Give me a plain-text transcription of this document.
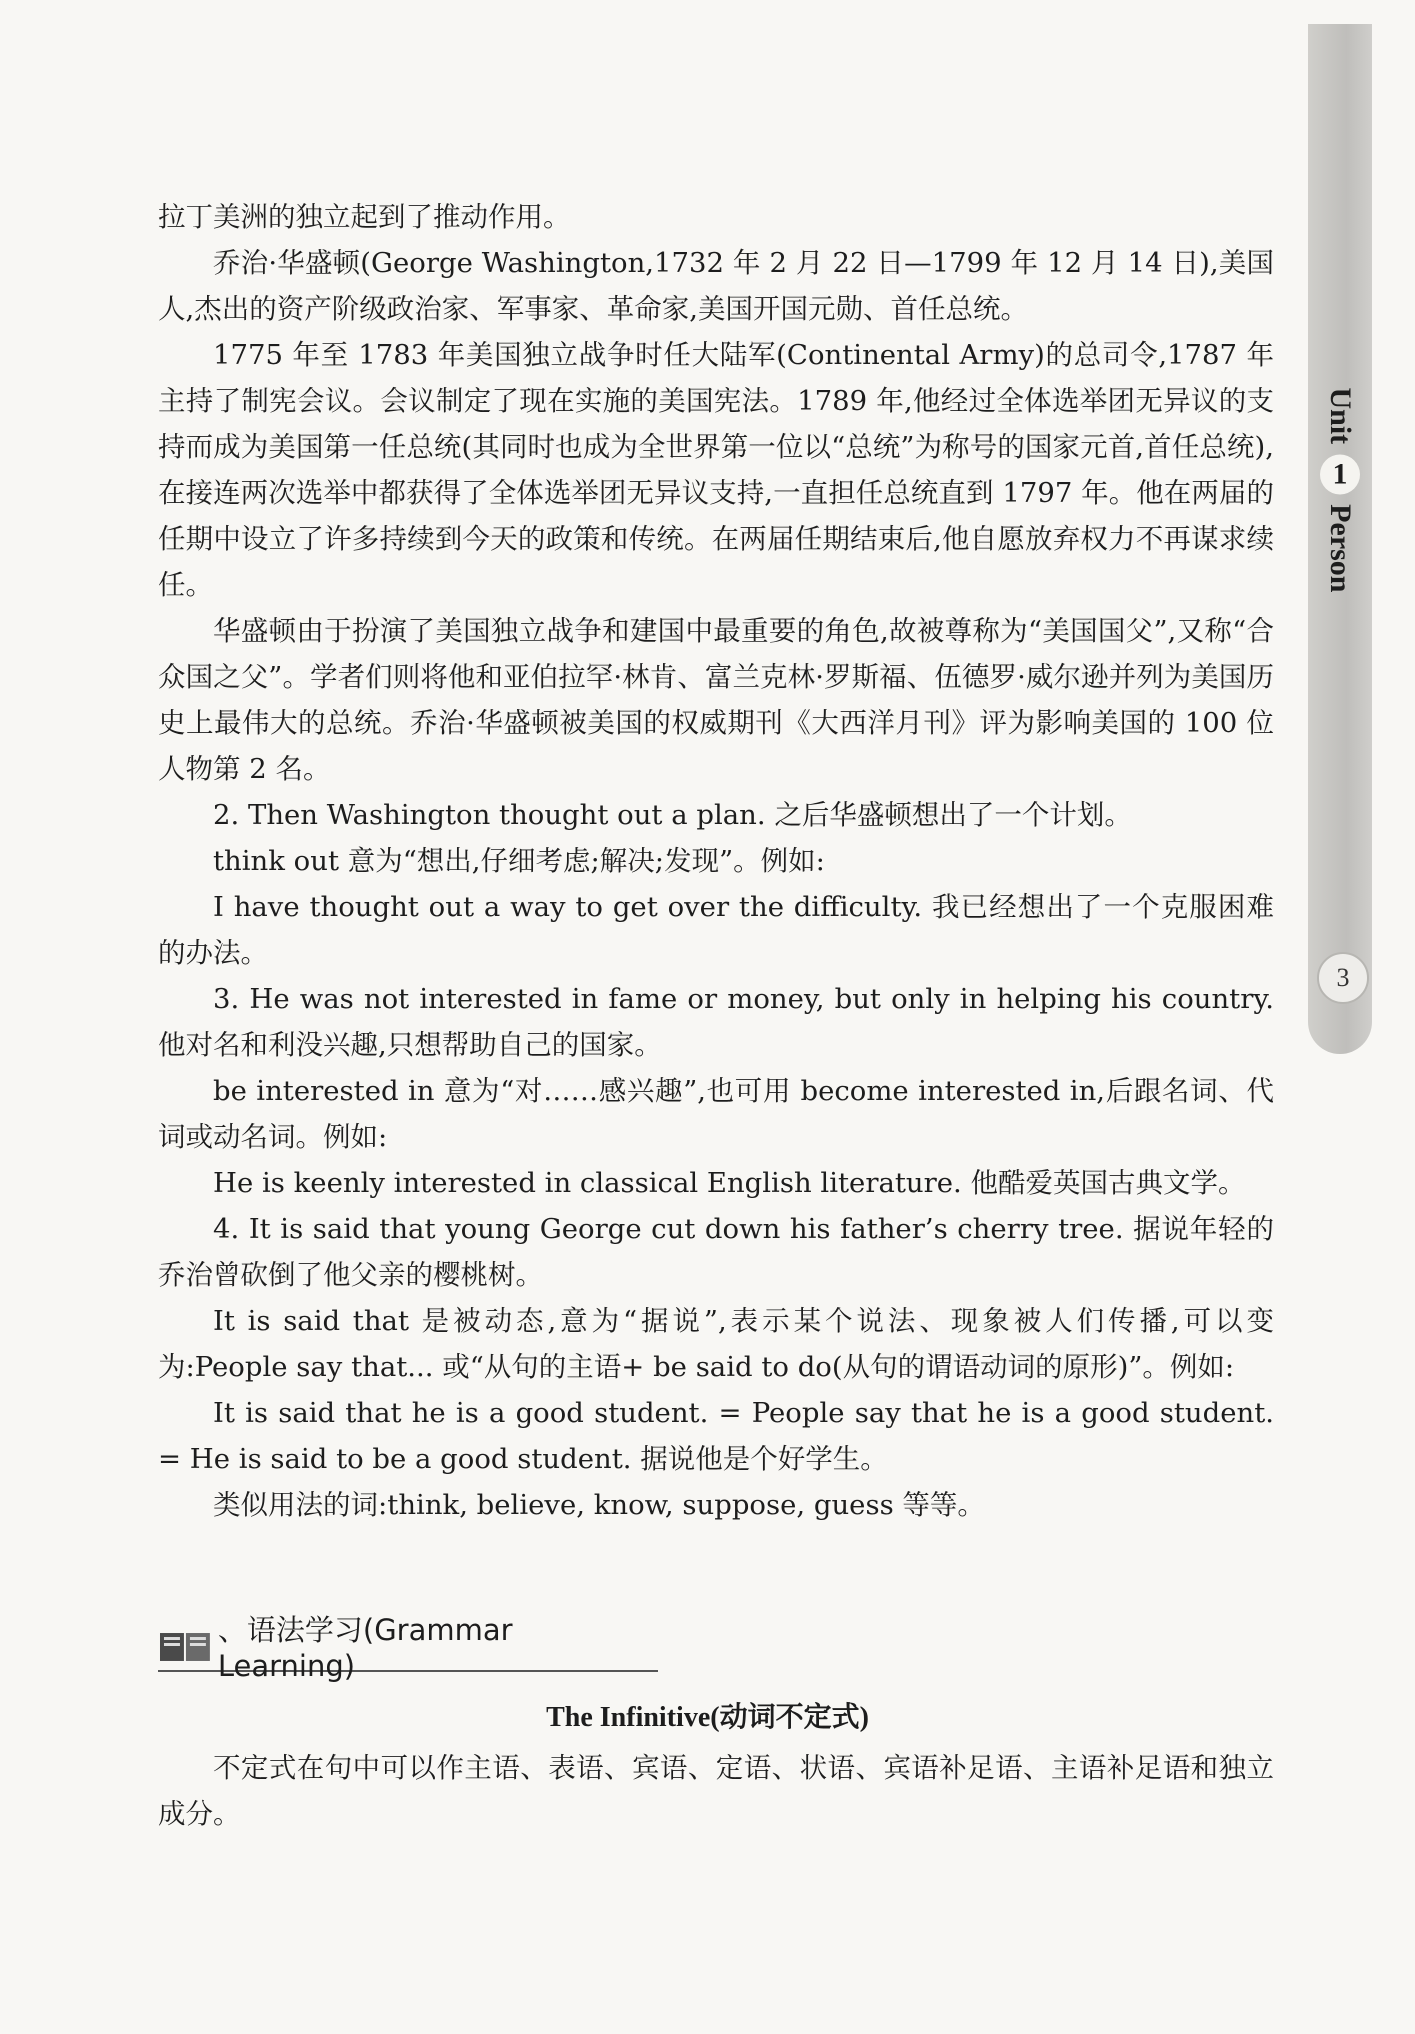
Unit
1
Person
3

拉丁美洲的独立起到了推动作用。

乔治·华盛顿(George Washington,1732 年 2 月 22 日—1799 年 12 月 14 日),美国人,杰出的资产阶级政治家、军事家、革命家,美国开国元勋、首任总统。

1775 年至 1783 年美国独立战争时任大陆军(Continental Army)的总司令,1787 年主持了制宪会议。会议制定了现在实施的美国宪法。1789 年,他经过全体选举团无异议的支持而成为美国第一任总统(其同时也成为全世界第一位以“总统”为称号的国家元首,首任总统),在接连两次选举中都获得了全体选举团无异议支持,一直担任总统直到 1797 年。他在两届的任期中设立了许多持续到今天的政策和传统。在两届任期结束后,他自愿放弃权力不再谋求续任。

华盛顿由于扮演了美国独立战争和建国中最重要的角色,故被尊称为“美国国父”,又称“合众国之父”。学者们则将他和亚伯拉罕·林肯、富兰克林·罗斯福、伍德罗·威尔逊并列为美国历史上最伟大的总统。乔治·华盛顿被美国的权威期刊《大西洋月刊》评为影响美国的 100 位人物第 2 名。

2. Then Washington thought out a plan. 之后华盛顿想出了一个计划。

think out 意为“想出,仔细考虑;解决;发现”。例如:

I have thought out a way to get over the difficulty. 我已经想出了一个克服困难的办法。

3. He was not interested in fame or money, but only in helping his country. 他对名和利没兴趣,只想帮助自己的国家。

be interested in 意为“对……感兴趣”,也可用 become interested in,后跟名词、代词或动名词。例如:

He is keenly interested in classical English literature. 他酷爱英国古典文学。

4. It is said that young George cut down his father’s cherry tree. 据说年轻的乔治曾砍倒了他父亲的樱桃树。

It is said that 是被动态,意为“据说”,表示某个说法、现象被人们传播,可以变为:People say that... 或“从句的主语+ be said to do(从句的谓语动词的原形)”。例如:

It is said that he is a good student. = People say that he is a good student. = He is said to be a good student. 据说他是个好学生。

类似用法的词:think, believe, know, suppose, guess 等等。

、语法学习(Grammar Learning)
The Infinitive(动词不定式)

不定式在句中可以作主语、表语、宾语、定语、状语、宾语补足语、主语补足语和独立成分。
